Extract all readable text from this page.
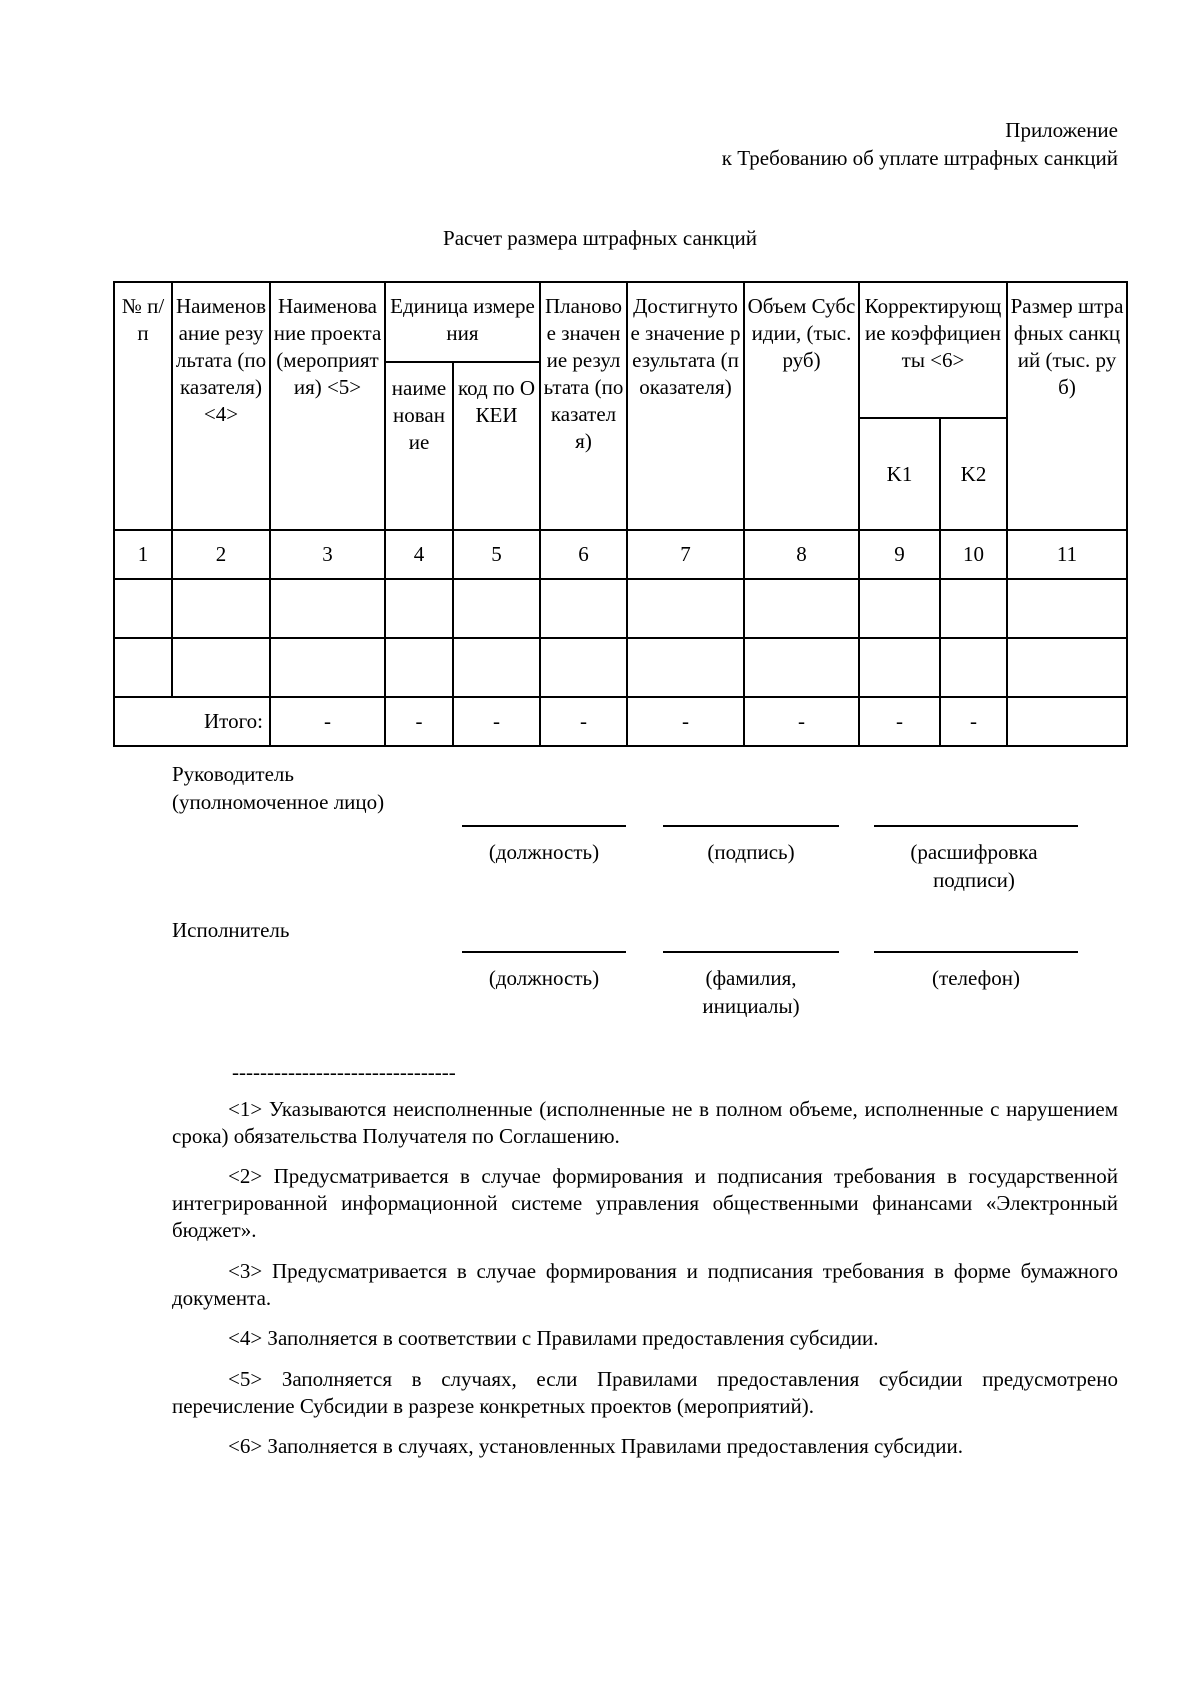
Приложение
к Требованию об уплате штрафных санкций
Расчет размера штрафных санкций
№ п/п	Наименование результата (показателя) <4>	Наименование проекта (мероприятия) <5>	Единица измерения		Плановое значение результата (показателя)	Достигнутое значение результата (показателя)	Объем Субсидии, (тыс. руб)	Корректирующие коэффициенты <6>		Размер штрафных санкций (тыс. руб)
			наименование	код по ОКЕИ						
								K1	K2	
1	2	3	4	5	6	7	8	9	10	11

Итого:		-	-	-	-	-	-	-	-	
Руководитель
(уполномоченное лицо)
(должность)	(подпись)	(расшифровка подписи)
Исполнитель
(должность)	(фамилия, инициалы)
(телефон)
--------------------------------

<1> Указываются неисполненные (исполненные не в полном объеме, исполненные с нарушением срока) обязательства Получателя по Соглашению.

<2> Предусматривается в случае формирования и подписания требования в государственной интегрированной информационной системе управления общественными финансами «Электронный бюджет».

<3> Предусматривается в случае формирования и подписания требования в форме бумажного документа.

<4> Заполняется в соответствии с Правилами предоставления субсидии.

<5> Заполняется в случаях, если Правилами предоставления субсидии предусмотрено перечисление Субсидии в разрезе конкретных проектов (мероприятий).

<6> Заполняется в случаях, установленных Правилами предоставления субсидии.
